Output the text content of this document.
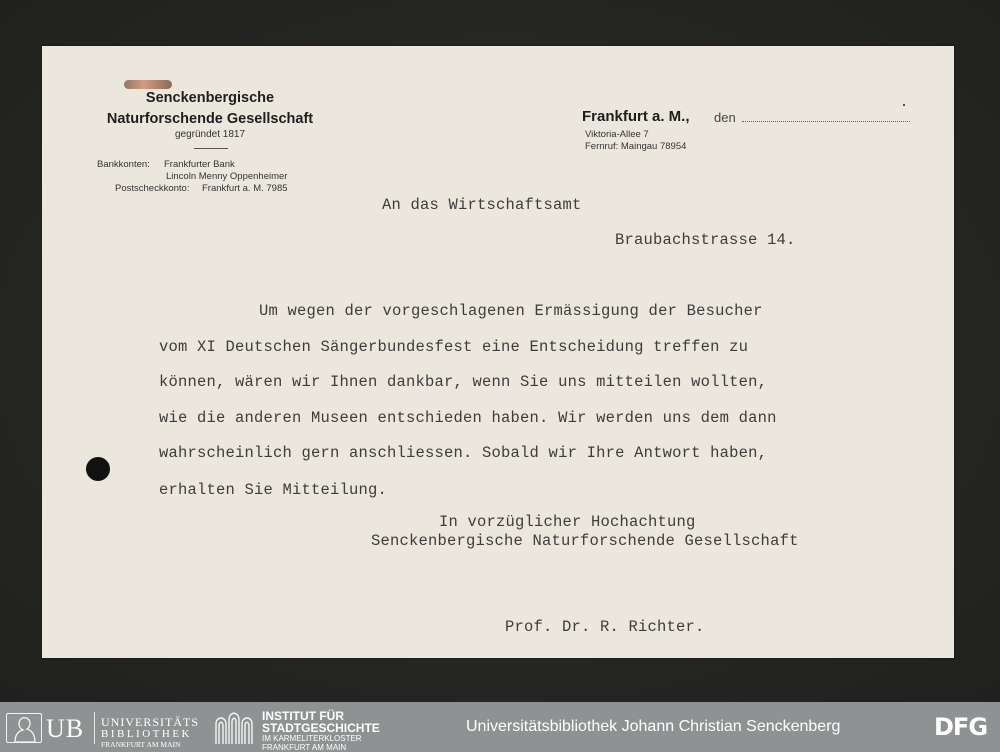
Senckenbergische
Naturforschende Gesellschaft
gegründet 1817
Bankkonten: Frankfurter Bank
Lincoln Menny Oppenheimer
Postscheckkonto: Frankfurt a. M. 7985
Frankfurt a. M., den
Viktoria-Allee 7
Fernruf: Maingau 78954
An das Wirtschaftsamt
Braubachstrasse 14.
Um wegen der vorgeschlagenen Ermässigung der Besucher
vom XI Deutschen Sängerbundesfest eine Entscheidung treffen zu
können, wären wir Ihnen dankbar, wenn Sie uns mitteilen wollten,
wie die anderen Museen entschieden haben. Wir werden uns dem dann
wahrscheinlich gern anschliessen. Sobald wir Ihre Antwort haben,
erhalten Sie Mitteilung.
In vorzüglicher Hochachtung
Senckenbergische Naturforschende Gesellschaft
Prof. Dr. R. Richter.
UB UNIVERSITÄTS
BIBLIOTHEK
FRANKFURT AM MAIN
INSTITUT FÜR
STADTGESCHICHTE
IM KARMELITERKLOSTER
FRANKFURT AM MAIN
Universitätsbibliothek Johann Christian Senckenberg	DFG
